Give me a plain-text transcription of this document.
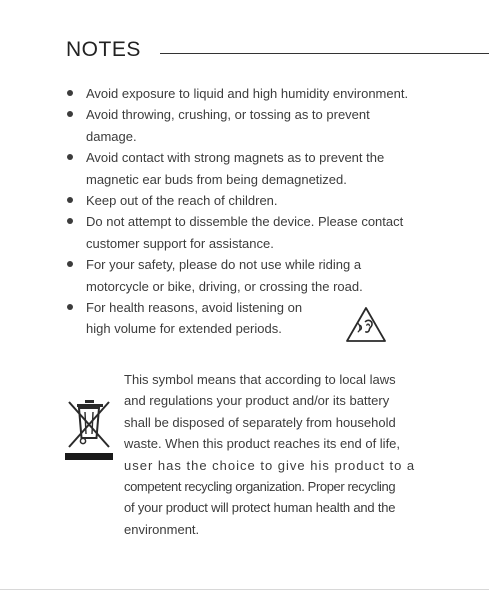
NOTES
Avoid exposure to liquid and high humidity environment.
Avoid throwing, crushing, or tossing as to prevent
damage.
Avoid contact with strong magnets as to prevent the
magnetic ear buds from being demagnetized.
Keep out of the reach of children.
Do not attempt to dissemble the device. Please contact
customer support for assistance.
For your safety, please do not use while riding a
motorcycle or bike, driving, or crossing the road.
For health reasons, avoid listening on
high volume for extended periods.
This symbol means that according to local laws
and regulations your product and/or its battery
shall be disposed of separately from household
waste. When this product reaches its end of life,
user has the choice to give his product to a
competent recycling organization. Proper recycling
of your product will protect human health and the
environment.
